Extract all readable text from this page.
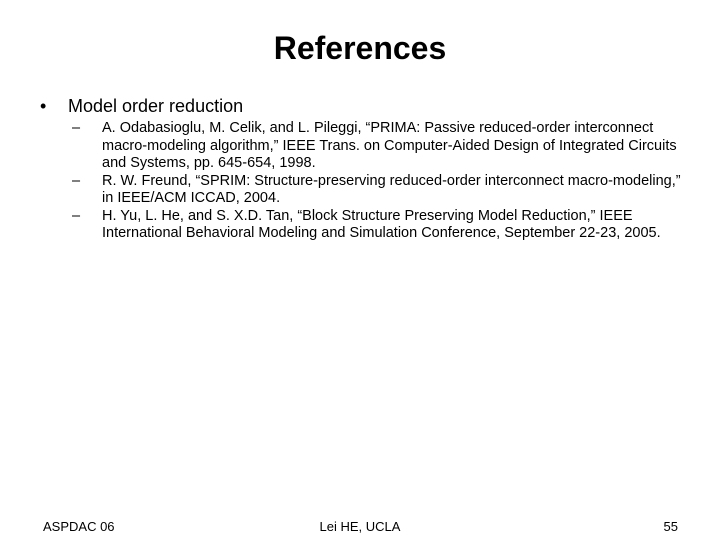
References
• Model order reduction
– A. Odabasioglu, M. Celik, and L. Pileggi, “PRIMA: Passive reduced-order interconnect macro-modeling algorithm,” IEEE Trans. on Computer-Aided Design of Integrated Circuits and Systems, pp. 645-654, 1998.
– R. W. Freund, “SPRIM: Structure-preserving reduced-order interconnect macro-modeling,” in IEEE/ACM ICCAD, 2004.
– H. Yu, L. He, and S. X.D. Tan, “Block Structure Preserving Model Reduction,” IEEE International Behavioral Modeling and Simulation Conference, September 22-23, 2005.
Lei HE, UCLA
ASPDAC 06	55
